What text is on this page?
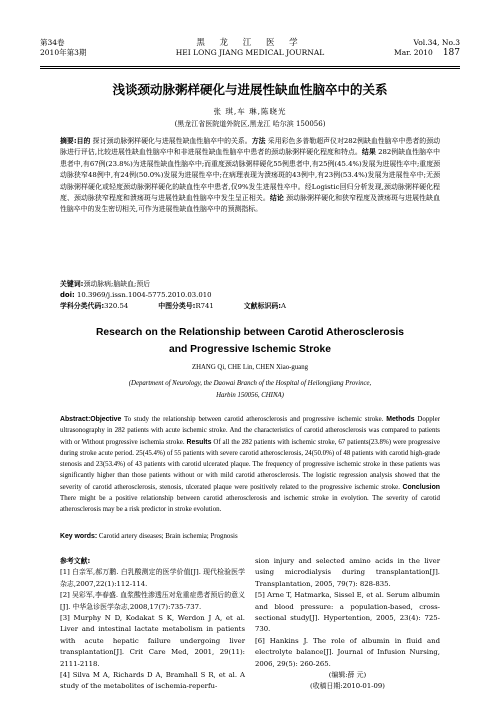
第34卷
2010年第3期
黑 龙 江 医 学
HEI LONG JIANG MEDICAL JOURNAL
Vol.34, No.3
Mar. 2010 187
浅谈颈动脉粥样硬化与进展性缺血性脑卒中的关系
张 琪,车 琳,陈晓光
(黑龙江省医院道外院区,黑龙江 哈尔滨 150056)
摘要:目的 探讨颈动脉粥样硬化与进展性缺血性脑卒中的关系。方法 采用彩色多普勒超声仪对282例缺血性脑卒中患者的颈动脉进行评估,比较进展性缺血性脑卒中和非进展性缺血性脑卒中患者的颈动脉粥样硬化程度和特点。结果 282例缺血性脑卒中患者中,有67例(23.8%)为进展性缺血性脑卒中;而重度颈动脉粥样硬化55例患者中,有25例(45.4%)发展为进展性卒中;重度颈动脉狭窄48例中,有24例(50.0%)发展为进展性卒中;在病理表现为溃疡斑的43例中,有23例(53.4%)发展为进展性卒中;无颈动脉粥样硬化或轻度颈动脉粥样硬化的缺血性卒中患者,仅9%发生进展性卒中。经Logistic回归分析发现,颈动脉粥样硬化程度、颈动脉狭窄程度和溃疡斑与进展性缺血性脑卒中发生呈正相关。结论 颈动脉粥样硬化和狭窄程度及溃疡斑与进展性缺血性脑卒中的发生密切相关,可作为进展性缺血性脑卒中的预测指标。
关键词:颈动脉病;脑缺血;预后
doi: 10.3969/j.issn.1004-5775.2010.03.010
学科分类代码:320.54	中图分类号:R741	文献标识码:A
Research on the Relationship between Carotid Atherosclerosis
and Progressive Ischemic Stroke
ZHANG Qi, CHE Lin, CHEN Xiao-guang
(Department of Neurology, the Daowai Branch of the Hospital of Heilongjiang Province,
Harbin 150056, CHINA)
Abstract:Objective To study the relationship between carotid atherosclerosis and progressive ischemic stroke. Methods Doppler ultrasonography in 282 patients with acute ischemic stroke. And the characteristics of carotid atherosclerosis was compared to patients with or Without progressive ischemia stroke. Results Of all the 282 patients with ischemic stroke, 67 patients(23.8%) were progressive during stroke acute period. 25(45.4%) of 55 patients with severe carotid atherosclerosis, 24(50.0%) of 48 patients with carotid high-grade stenosis and 23(53.4%) of 43 patients with carotid ulcerated plaque. The frequency of progressive ischemic stroke in these patients was significantly higher than those patients without or with mild carotid atherosclerosis. The logistic regression analysis showed that the severity of carotid atherosclerosis, stenosis, ulcerated plaque were positively related to the progressive ischemic stroke. Conclusion There might be a positive relationship between carotid atherosclerosis and ischemic stroke in evolytion. The severity of carotid atherosclerosis may be a risk predictor in stroke evolution.
Key words: Carotid artery diseases; Brain ischemia; Prognosis
参考文献:
[1] 白亲军,郝万鹏. 白乳酸测定的医学价值[J]. 现代检验医学杂志,2007,22(1):112-114.
[2] 吴彩军,李春盛. 血浆酸性渗透压对危重症患者预后的意义[J]. 中华急诊医学杂志,2008,17(7):735-737.
[3] Murphy N D, Kodakat S K, Werdon J A, et al. Liver and intestinal lactate metabolism in patients with acute hepatic failure undergoing liver transplantation[J]. Crit Care Med, 2001, 29(11): 2111-2118.
[4] Silva M A, Richards D A, Bramhall S R, et al. A study of the metabolites of ischemia-reperfu-
sion injury and selected amino acids in the liver using microdialysis during transplantation[J]. Transplantation, 2005, 79(7): 828-835.
[5] Arne T, Hatmarka, Sissel E, et al. Serum albumin and blood pressure: a population-based, cross-sectional study[J]. Hypertention, 2005, 23(4): 725-730.
[6] Hankins J. The role of albumin in fluid and electrolyte balance[J]. Journal of Infusion Nursing, 2006, 29(5): 260-265.
(编辑:薛 元)
(收稿日期:2010-01-09)
